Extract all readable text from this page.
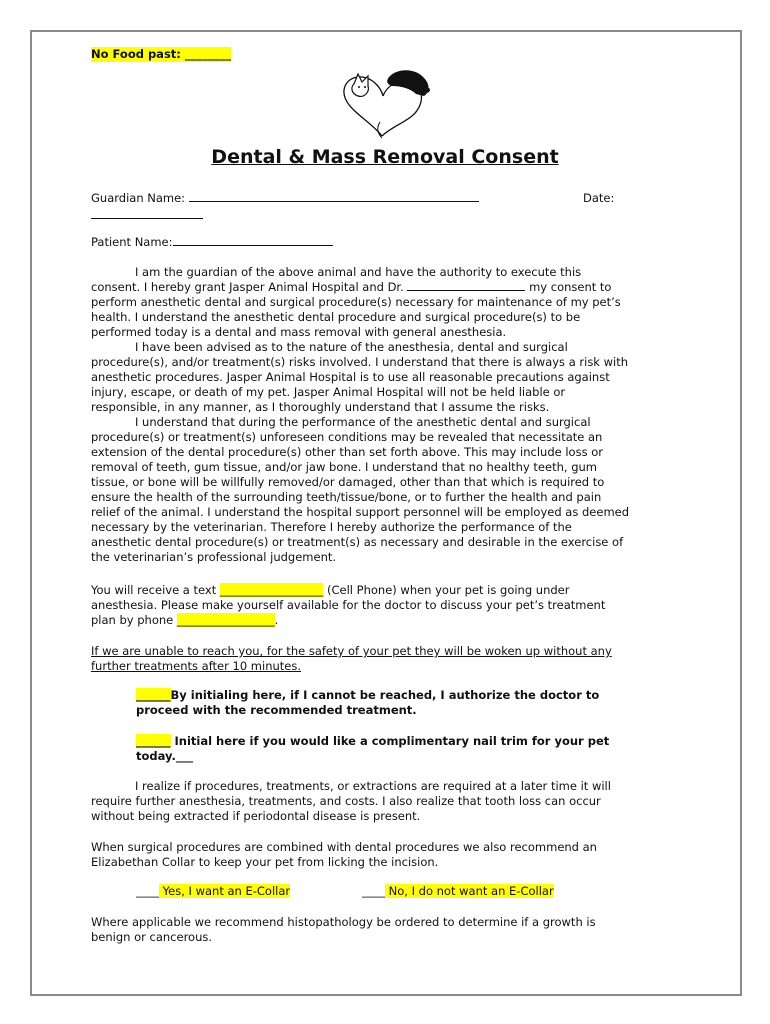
No Food past: ________
Dental & Mass Removal Consent
Guardian Name:	Date:
Patient Name:

I am the guardian of the above animal and have the authority to execute this

consent. I hereby grant Jasper Animal Hospital and Dr.	my consent to

perform anesthetic dental and surgical procedure(s) necessary for maintenance of my pet’s

health. I understand the anesthetic dental procedure and surgical procedure(s) to be

performed today is a dental and mass removal with general anesthesia.

I have been advised as to the nature of the anesthesia, dental and surgical

procedure(s), and/or treatment(s) risks involved. I understand that there is always a risk with

anesthetic procedures. Jasper Animal Hospital is to use all reasonable precautions against

injury, escape, or death of my pet. Jasper Animal Hospital will not be held liable or

responsible, in any manner, as I thoroughly understand that I assume the risks.

I understand that during the performance of the anesthetic dental and surgical

procedure(s) or treatment(s) unforeseen conditions may be revealed that necessitate an

extension of the dental procedure(s) other than set forth above. This may include loss or

removal of teeth, gum tissue, and/or jaw bone. I understand that no healthy teeth, gum

tissue, or bone will be willfully removed/or damaged, other than that which is required to

ensure the health of the surrounding teeth/tissue/bone, or to further the health and pain

relief of the animal. I understand the hospital support personnel will be employed as deemed

necessary by the veterinarian. Therefore I hereby authorize the performance of the

anesthetic dental procedure(s) or treatment(s) as necessary and desirable in the exercise of

the veterinarian’s professional judgement.

You will receive a text __________________ (Cell Phone) when your pet is going under

anesthesia. Please make yourself available for the doctor to discuss your pet’s treatment

plan by phone _________________.

If we are unable to reach you, for the safety of your pet they will be woken up without any

further treatments after 10 minutes.

______By initialing here, if I cannot be reached, I authorize the doctor to

proceed with the recommended treatment.

______ Initial here if you would like a complimentary nail trim for your pet

today.___

I realize if procedures, treatments, or extractions are required at a later time it will

require further anesthesia, treatments, and costs. I also realize that tooth loss can occur

without being extracted if periodontal disease is present.

When surgical procedures are combined with dental procedures we also recommend an

Elizabethan Collar to keep your pet from licking the incision.

____ Yes, I want an E-Collar	____ No, I do not want an E-Collar

Where applicable we recommend histopathology be ordered to determine if a growth is

benign or cancerous.
